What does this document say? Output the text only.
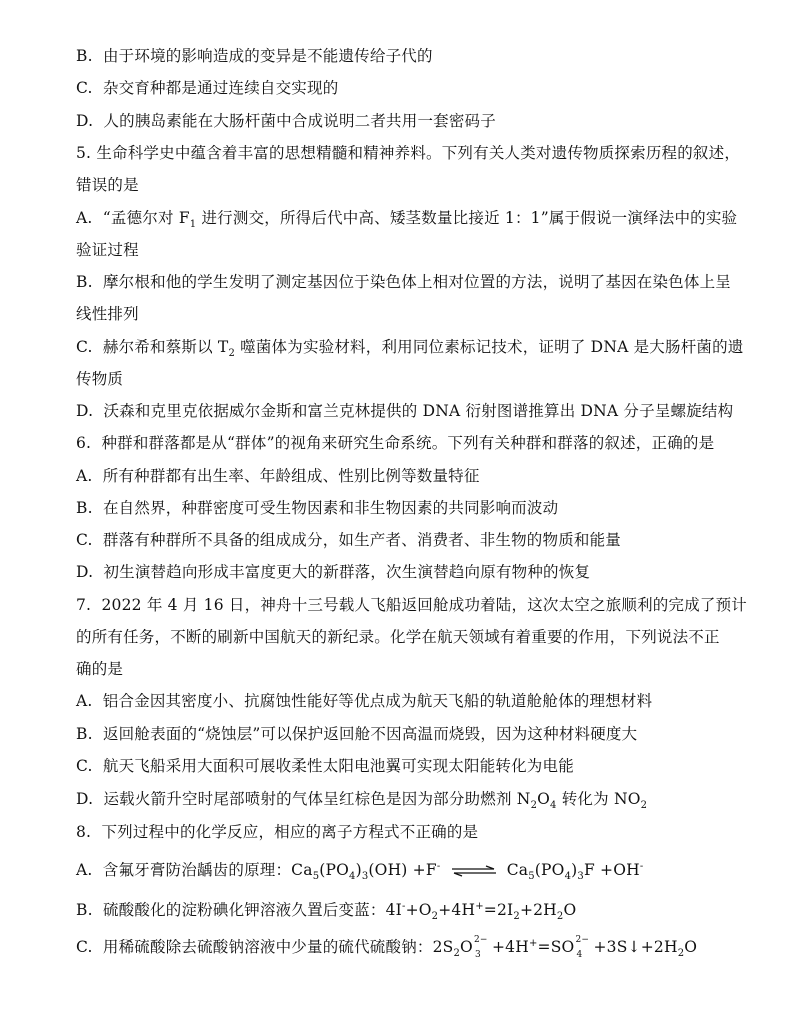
B.  由于环境的影响造成的变异是不能遗传给子代的
C.  杂交育种都是通过连续自交实现的
D.  人的胰岛素能在大肠杆菌中合成说明二者共用一套密码子
5. 生命科学史中蕴含着丰富的思想精髓和精神养料。下列有关人类对遗传物质探索历程的叙述，
错误的是
A.  “孟德尔对 $F_1$ 进行测交，所得后代中高、矮茎数量比接近 1：1”属于假说一演绎法中的实验
验证过程
B.  摩尔根和他的学生发明了测定基因位于染色体上相对位置的方法，说明了基因在染色体上呈
线性排列
C.  赫尔希和蔡斯以 $T_2$ 噬菌体为实验材料，利用同位素标记技术，证明了 DNA 是大肠杆菌的遗
传物质
D.  沃森和克里克依据威尔金斯和富兰克林提供的 DNA 衍射图谱推算出 DNA 分子呈螺旋结构
6.  种群和群落都是从“群体”的视角来研究生命系统。下列有关种群和群落的叙述，正确的是
A.  所有种群都有出生率、年龄组成、性别比例等数量特征
B.  在自然界，种群密度可受生物因素和非生物因素的共同影响而波动
C.  群落有种群所不具备的组成成分，如生产者、消费者、非生物的物质和能量
D.  初生演替趋向形成丰富度更大的新群落，次生演替趋向原有物种的恢复
7.  2022 年 4 月 16 日，神舟十三号载人飞船返回舱成功着陆，这次太空之旅顺利的完成了预计
的所有任务，不断的刷新中国航天的新纪录。化学在航天领域有着重要的作用，下列说法不正
确的是
A.  铝合金因其密度小、抗腐蚀性能好等优点成为航天飞船的轨道舱舱体的理想材料
B.  返回舱表面的“烧蚀层”可以保护返回舱不因高温而烧毁，因为这种材料硬度大
C.  航天飞船采用大面积可展收柔性太阳电池翼可实现太阳能转化为电能
D.  运载火箭升空时尾部喷射的气体呈红棕色是因为部分助燃剂 $N_2O_4$ 转化为 $NO_2$
8.  下列过程中的化学反应，相应的离子方程式不正确的是
A.  含氟牙膏防治龋齿的原理：$Ca_5(PO_4)_3(OH) +F^-$ ⇌ $Ca_5(PO_4)_3F +OH^-$
B.  硫酸酸化的淀粉碘化钾溶液久置后变蓝：$4I^-+O_2+4H^+=2I_2+2H_2O$
C.  用稀硫酸除去硫酸钠溶液中少量的硫代硫酸钠：$2S_2O$ 2−
3 +4H+=SO 2−
$4 +3S↓+2H_2O$
